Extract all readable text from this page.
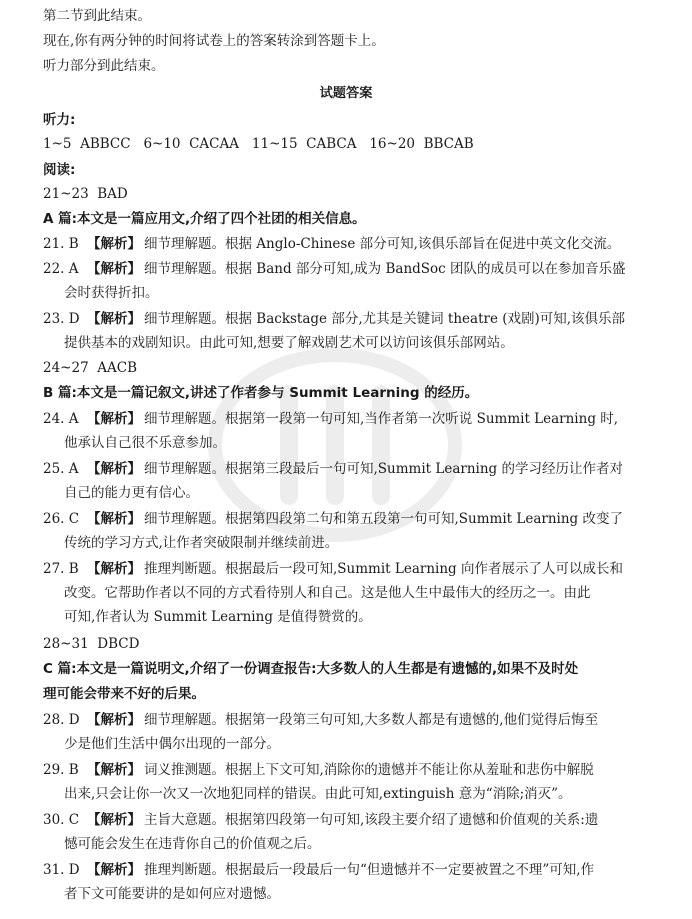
第二节到此结束。
现在,你有两分钟的时间将试卷上的答案转涂到答题卡上。
听力部分到此结束。
试题答案
听力:
1~5  ABBCC   6~10  CACAA   11~15  CABCA   16~20  BBCAB
阅读:
21~23  BAD
A 篇:本文是一篇应用文,介绍了四个社团的相关信息。
21. B 【解析】 细节理解题。根据 Anglo-Chinese 部分可知,该俱乐部旨在促进中英文化交流。
22. A 【解析】 细节理解题。根据 Band 部分可知,成为 BandSoc 团队的成员可以在参加音乐盛
会时获得折扣。
23. D 【解析】 细节理解题。根据 Backstage 部分,尤其是关键词 theatre (戏剧)可知,该俱乐部
提供基本的戏剧知识。由此可知,想要了解戏剧艺术可以访问该俱乐部网站。
24~27  AACB
B 篇:本文是一篇记叙文,讲述了作者参与 Summit Learning 的经历。
24. A 【解析】 细节理解题。根据第一段第一句可知,当作者第一次听说 Summit Learning 时,
他承认自己很不乐意参加。
25. A 【解析】 细节理解题。根据第三段最后一句可知,Summit Learning 的学习经历让作者对
自己的能力更有信心。
26. C 【解析】 细节理解题。根据第四段第二句和第五段第一句可知,Summit Learning 改变了
传统的学习方式,让作者突破限制并继续前进。
27. B 【解析】 推理判断题。根据最后一段可知,Summit Learning 向作者展示了人可以成长和
改变。它帮助作者以不同的方式看待别人和自己。这是他人生中最伟大的经历之一。由此
可知,作者认为 Summit Learning 是值得赞赏的。
28~31  DBCD
C 篇:本文是一篇说明文,介绍了一份调查报告:大多数人的人生都是有遗憾的,如果不及时处
理可能会带来不好的后果。
28. D 【解析】 细节理解题。根据第一段第三句可知,大多数人都是有遗憾的,他们觉得后悔至
少是他们生活中偶尔出现的一部分。
29. B 【解析】 词义推测题。根据上下文可知,消除你的遗憾并不能让你从羞耻和悲伤中解脱
出来,只会让你一次又一次地犯同样的错误。由此可知,extinguish 意为“消除;消灭”。
30. C 【解析】 主旨大意题。根据第四段第一句可知,该段主要介绍了遗憾和价值观的关系:遗
憾可能会发生在违背你自己的价值观之后。
31. D 【解析】 推理判断题。根据最后一段最后一句“但遗憾并不一定要被置之不理”可知,作
者下文可能要讲的是如何应对遗憾。
